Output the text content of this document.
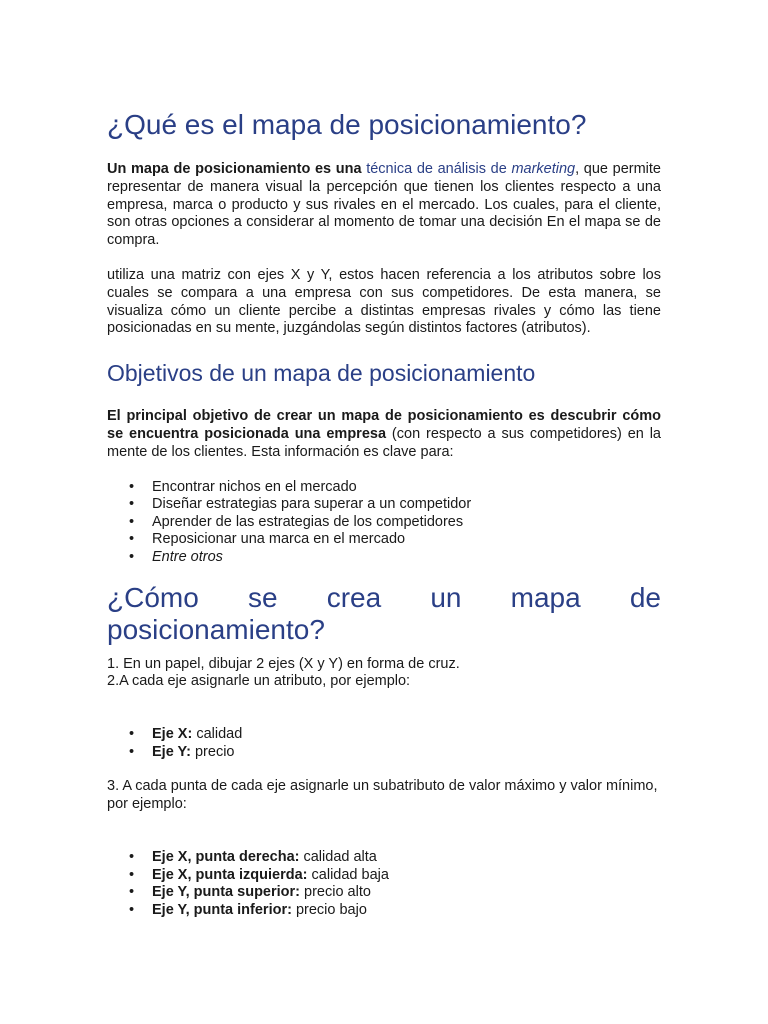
¿Qué es el mapa de posicionamiento?

Un mapa de posicionamiento es una técnica de análisis de marketing, que permite representar de manera visual la percepción que tienen los clientes respecto a una empresa, marca o producto y sus rivales en el mercado. Los cuales, para el cliente, son otras opciones a considerar al momento de tomar una decisión En el mapa se de compra.

utiliza una matriz con ejes X y Y, estos hacen referencia a los atributos sobre los cuales se compara a una empresa con sus competidores. De esta manera, se visualiza cómo un cliente percibe a distintas empresas rivales y cómo las tiene posicionadas en su mente, juzgándolas según distintos factores (atributos).

Objetivos de un mapa de posicionamiento

El principal objetivo de crear un mapa de posicionamiento es descubrir cómo se encuentra posicionada una empresa (con respecto a sus competidores) en la mente de los clientes. Esta información es clave para:

• Encontrar nichos en el mercado
• Diseñar estrategias para superar a un competidor
• Aprender de las estrategias de los competidores
• Reposicionar una marca en el mercado
• Entre otros
¿Cómo se crea un mapa de
posicionamiento?

1. En un papel, dibujar 2 ejes (X y Y) en forma de cruz.

2.A cada eje asignarle un atributo, por ejemplo:

• Eje X: calidad
• Eje Y: precio

3. A cada punta de cada eje asignarle un subatributo de valor máximo y valor mínimo, por ejemplo:

• Eje X, punta derecha: calidad alta
• Eje X, punta izquierda: calidad baja
• Eje Y, punta superior: precio alto
• Eje Y, punta inferior: precio bajo
